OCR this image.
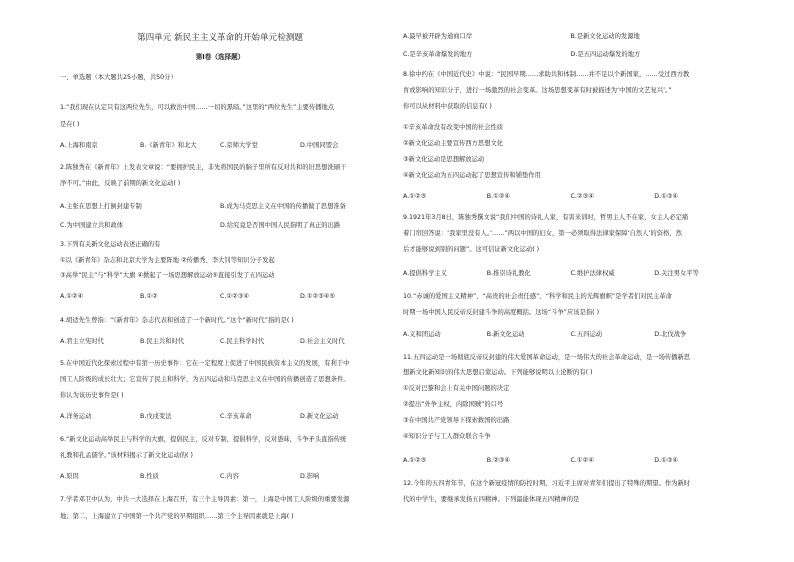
第四单元 新民主主义革命的开始单元检测题
第Ⅰ卷（选择题）
一、单选题（本大题共25小题，共50分）

1.“我们现在认定只有这两位先生，可以救治中国……一切的黑暗。”这里的“两位先生”主要传播地点

是在( )

A.上海和南京	B.《新青年》和北大	C.京师大学堂	D.中国同盟会

2.陈独秀在《新青年》上发表文章说：“要拥护民主，非先将国民的脑子里所有反对共和的旧思想洗刷干

净不可。”由此，反映了前期的新文化运动( )

A.主张在思想上打倒封建专制	B.成为马克思主义在中国的传播做了思想准备
C.为中国建立共和政体	D.给究竟是否国中国人民指明了真正的出路

3.下列有关新文化运动表述正确的有

①以《新青年》杂志和北京大学为主要阵地 ②传播秀、李大钊等知识分子发起

③高举“民主”与“科学”大旗 ④掀起了一场思想解放运动⑤直接引发了五四运动

A.①②④	B.①②	C.①②③④	D.①②③④⑤

4.胡适先生曾指：“《新青年》杂志代表和创造了一个新时代。”这个“新时代”指的是( )

A.君主立宪时代	B.民主共和时代	C.民主科学时代	D.社会主义时代

5.在中国近代化探索过程中有第一历史事件：它在一定程度上促进了中国民族资本主义的发展，有利于中

国工人阶级的成长壮大；它宣传了民主和科学，为五四运动和马克思主义在中国的传播创造了思想条件。

你认为该历史事件是( )

A.洋务运动	B.戊戌变法	C.辛亥革命	D.新文化运动

6.“新文化运动高举民主与科学的大旗，提倡民主，反对专制，提倡科学，反对愚昧，斗争矛头直指传统

礼教和孔孟儒学。”该材料揭示了新文化运动的( )

A.原因	B.性质	C.内容	D.影响

7.学者邓卫中认为，中共一大选择在上海召开，有三个主导因素：第一，上海是中国工人阶级的重要发源

地；第二，上海建立了中国第一个共产党的早期组织……第三个主导因素就是上海( )

A.最早被开辟为通商口岸	B.是新文化运动的发源地
C.是辛亥革命爆发的地方	D.是五四运动爆发的地方

8.徐中约在《中国近代史》中说：“民国早期……求助共和体制……并不足以个新国家，……受过西方教

育或影响的知识分子，进行一场激烈的社会变革。这场思想变革有时被描述为‘中国的文艺复兴’。”

你可以从材料中获取的信息有( )

①辛亥革命没有改变中国的社会性质
②新文化运动主要宣传西方思想文化
③新文化运动是思想解放运动
④新文化运动为五四运动起了思想宣传和铺垫作用
A.①②③	B.①②④	C.②③④	D.①③④

9.1921年3月8日，陈独秀撰文说“我们中国的诗礼人家，有害来训时，哲男主人不在家，女主人必定痛

着门帘回答说：‘我家里没有人。’……”两以中国的妇女，第一必须取得法律家保障‘自然人’的资格，然

后才能够说到别的问题”。这可信证新文化运动( )

A.提倡科学主义	B.推崇诗礼教化	C.维护法律权威	D.关注男女平等

10.“赤诚的爱国主义精神”、“高贵的社会责任感”、“科学和民主的光辉旗帜”是学者们对民主革命

时期一场中国人民反帝反封建斗争的高度概括。这场“斗争”应该是指( )

A.义和团运动	B.新文化运动	C.五四运动	D.北伐战争

11.五四运动是一场彻底反帝反封建的伟大爱国革命运动，是一场伟大的社会革命运动，是一场传播新思

想新文化新知识的伟大思想启蒙运动。下列能够说明以上论断的有( )

①反对巴黎和会上有关中国问题的决定
②提出“外争主权，内除国贼”的口号
③在中国共产党领导下探索救国的出路
④知识分子与工人群众联合斗争
A.①②③	B.②③④	C.①②④	D.①③④

12.今年的五四青年节，在这个新冠疫情的防控时期，习近平主席对青年们提出了特殊的期望。作为新时

代的中学生，要继承发扬五四精神。下列最能体现五四精神的是
